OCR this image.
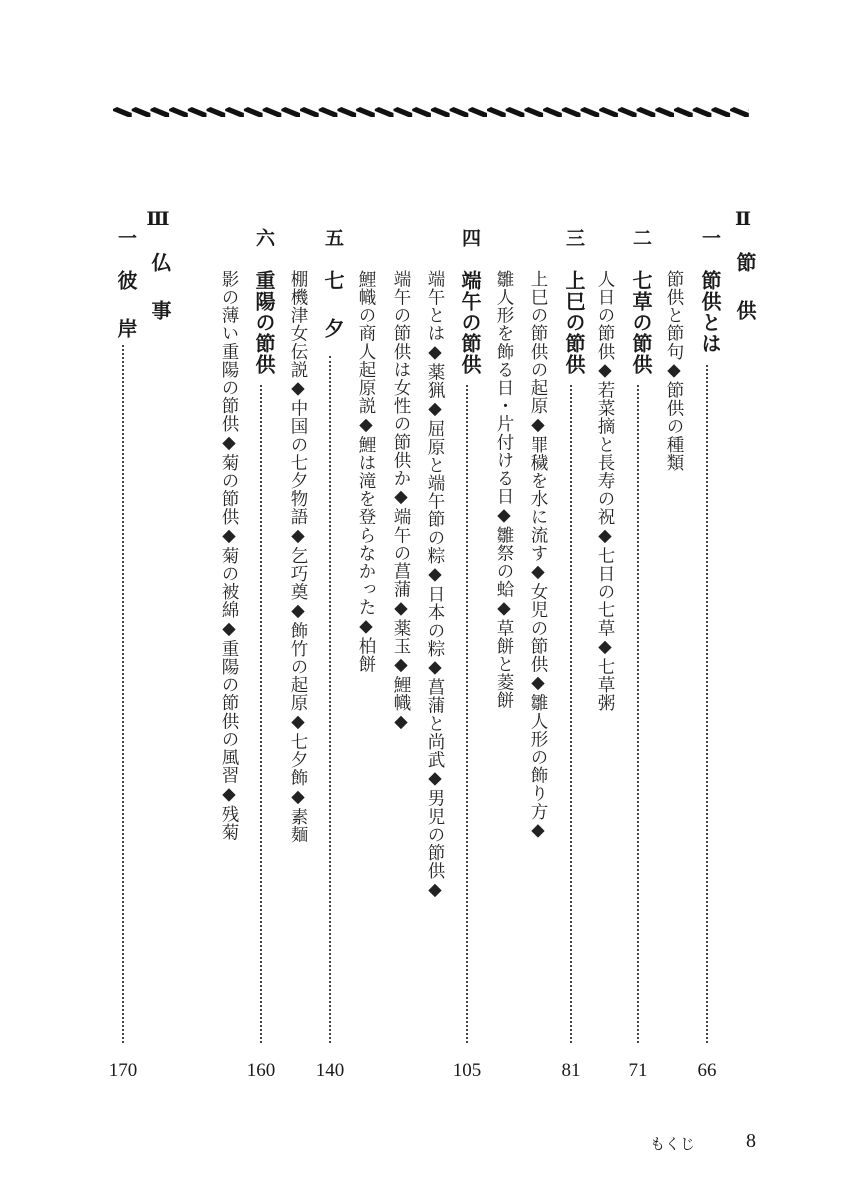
Ⅱ
節　供
一
節供とは
66
節供と節句◆節供の種類
二
七草の節供
71
人日の節供◆若菜摘と長寿の祝◆七日の七草◆七草粥
三
上巳の節供
81
上巳の節供の起原◆罪穢を水に流す◆女児の節供◆雛人形の飾り方◆
雛人形を飾る日・片付ける日◆雛祭の蛤◆草餅と菱餅
四
端午の節供
105
端午とは◆薬猟◆屈原と端午節の粽◆日本の粽◆菖蒲と尚武◆男児の節供◆
端午の節供は女性の節供か◆端午の菖蒲◆薬玉◆鯉幟◆
鯉幟の商人起原説◆鯉は滝を登らなかった◆柏餅
五
七　夕
140
棚機津女伝説◆中国の七夕物語◆乞巧奠◆飾竹の起原◆七夕飾◆素麺
六
重陽の節供
160
影の薄い重陽の節供◆菊の節供◆菊の被綿◆重陽の節供の風習◆残菊
Ⅲ
仏　事
一
彼　岸
170
もくじ	8
